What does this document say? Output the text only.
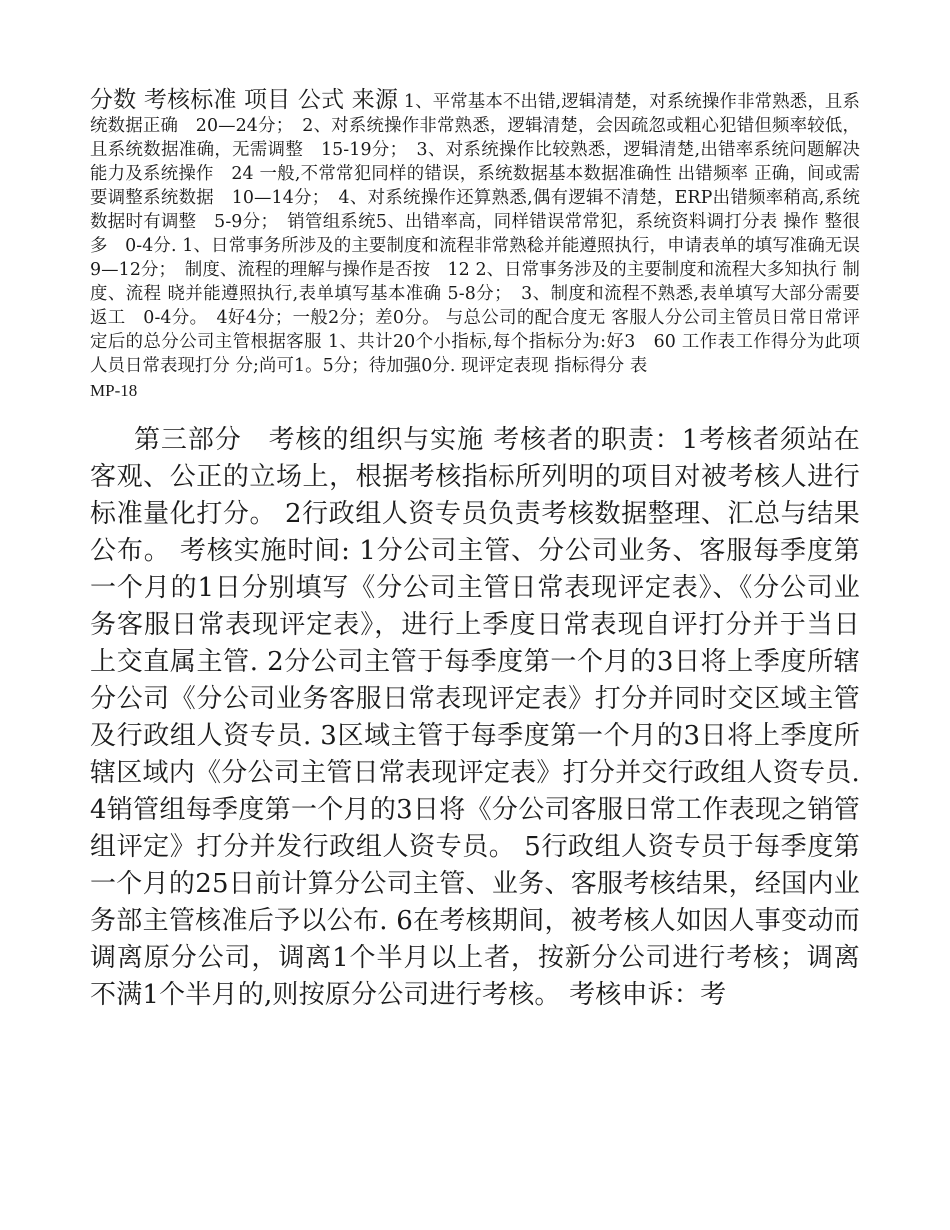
分数 考核标准 项目 公式 来源 1、平常基本不出错,逻辑清楚，对系统操作非常熟悉，且系统数据正确　20—24分；　2、对系统操作非常熟悉，逻辑清楚，会因疏忽或粗心犯错但频率较低，且系统数据准确，无需调整　15-19分；　3、对系统操作比较熟悉，逻辑清楚,出错率系统问题解决能力及系统操作　24 一般,不常常犯同样的错误，系统数据基本数据准确性 出错频率 正确，间或需要调整系统数据　10—14分；　4、对系统操作还算熟悉,偶有逻辑不清楚，ERP出错频率稍高,系统数据时有调整　5-9分；　销管组系统5、出错率高，同样错误常常犯，系统资料调打分表 操作 整很多　0-4分. 1、日常事务所涉及的主要制度和流程非常熟稔并能遵照执行，申请表单的填写准确无误　9—12分；　制度、流程的理解与操作是否按　12 2、日常事务涉及的主要制度和流程大多知执行 制度、流程 晓并能遵照执行,表单填写基本准确 5-8分；　3、制度和流程不熟悉,表单填写大部分需要返工　0-4分。　4好4分；一般2分；差0分。 与总公司的配合度无 客服人分公司主管员日常日常评定后的总分公司主管根据客服 1、共计20个小指标,每个指标分为:好3　60 工作表工作得分为此项人员日常表现打分 分;尚可1。5分；待加强0分. 现评定表现 指标得分 表
MP-18
第三部分　考核的组织与实施 考核者的职责：1考核者须站在客观、公正的立场上，根据考核指标所列明的项目对被考核人进行标准量化打分。 2行政组人资专员负责考核数据整理、汇总与结果公布。 考核实施时间: 1分公司主管、分公司业务、客服每季度第一个月的1日分别填写《分公司主管日常表现评定表》、《分公司业务客服日常表现评定表》，进行上季度日常表现自评打分并于当日上交直属主管. 2分公司主管于每季度第一个月的3日将上季度所辖分公司《分公司业务客服日常表现评定表》打分并同时交区域主管及行政组人资专员. 3区域主管于每季度第一个月的3日将上季度所辖区域内《分公司主管日常表现评定表》打分并交行政组人资专员. 4销管组每季度第一个月的3日将《分公司客服日常工作表现之销管组评定》打分并发行政组人资专员。 5行政组人资专员于每季度第一个月的25日前计算分公司主管、业务、客服考核结果，经国内业务部主管核准后予以公布. 6在考核期间，被考核人如因人事变动而调离原分公司，调离1个半月以上者，按新分公司进行考核；调离不满1个半月的,则按原分公司进行考核。 考核申诉：考
